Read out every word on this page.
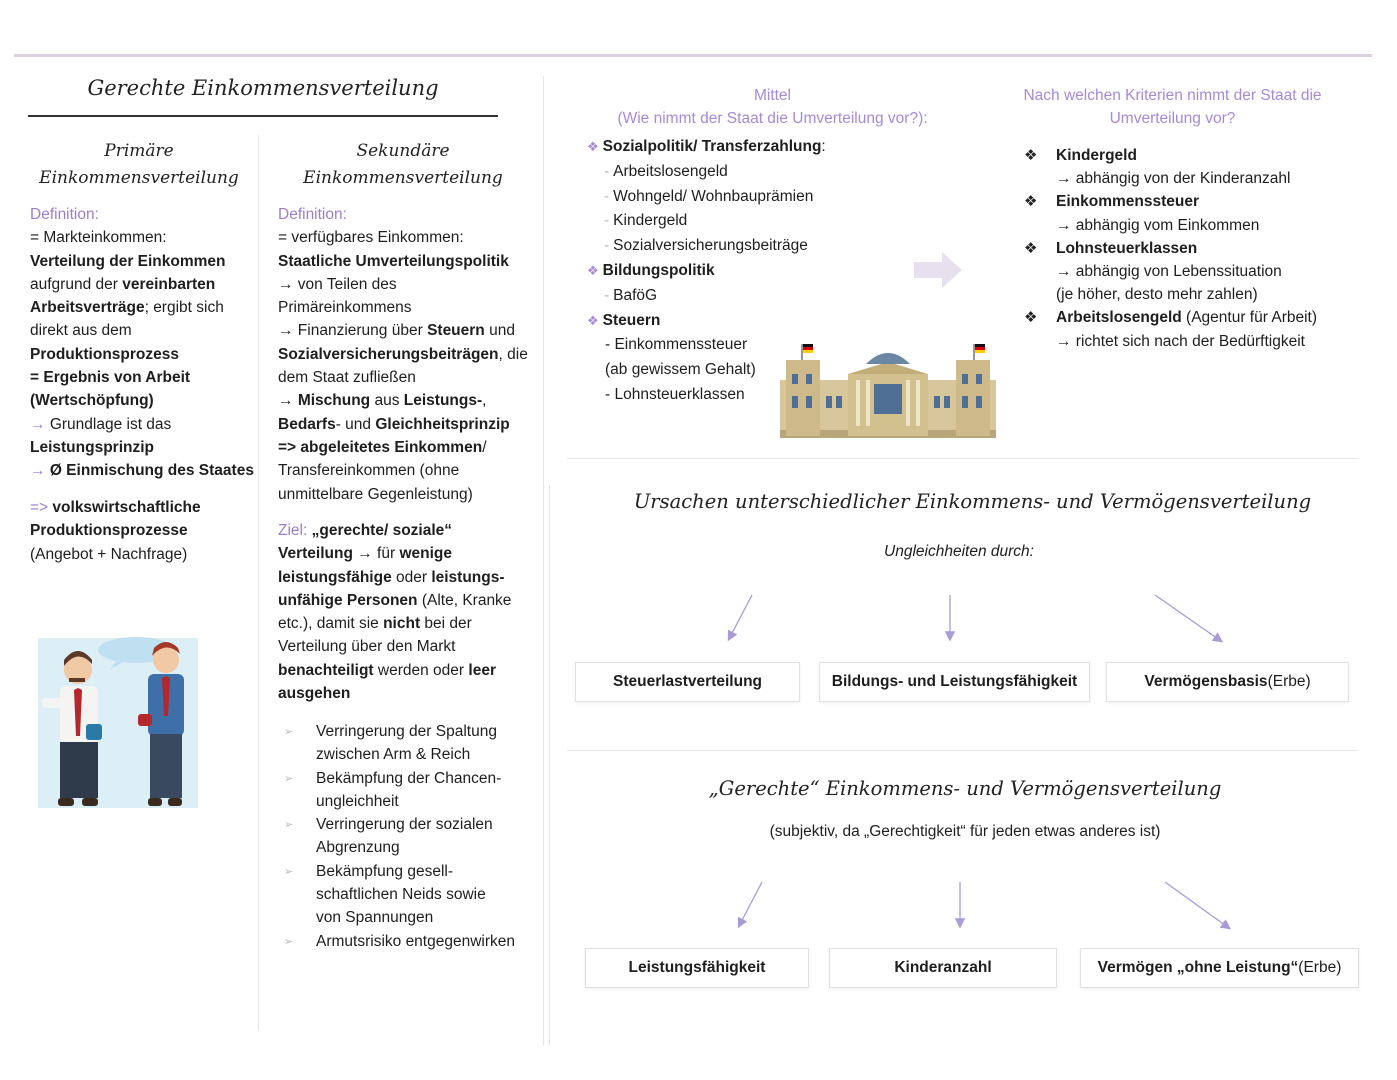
Gerechte Einkommensverteilung
Primäre
Einkommensverteilung
Definition:
= Markteinkommen:
Verteilung der Einkommen
aufgrund der vereinbarten
Arbeitsverträge; ergibt sich
direkt aus dem
Produktionsprozess
= Ergebnis von Arbeit
(Wertschöpfung)
→ Grundlage ist das
Leistungsprinzip
→ Ø Einmischung des Staates
=> volkswirtschaftliche
Produktionsprozesse
(Angebot + Nachfrage)
Sekundäre
Einkommensverteilung
Definition:
= verfügbares Einkommen:
Staatliche Umverteilungspolitik
→ von Teilen des
Primäreinkommens
→ Finanzierung über Steuern und
Sozialversicherungsbeiträgen, die
dem Staat zufließen
→ Mischung aus Leistungs-,
Bedarfs- und Gleichheitsprinzip
=> abgeleitetes Einkommen/
Transfereinkommen (ohne
unmittelbare Gegenleistung)
Ziel: „gerechte/ soziale“
Verteilung → für wenige
leistungsfähige oder leistungs-
unfähige Personen (Alte, Kranke
etc.), damit sie nicht bei der
Verteilung über den Markt
benachteiligt werden oder leer
ausgehen
➢	Verringerung der Spaltung
zwischen Arm & Reich
➢	Bekämpfung der Chancen-
ungleichheit
➢	Verringerung der sozialen
Abgrenzung
➢	Bekämpfung gesell-
schaftlichen Neids sowie
von Spannungen
➢	Armutsrisiko entgegenwirken
Mittel
(Wie nimmt der Staat die Umverteilung vor?):
❖ Sozialpolitik/ Transferzahlung:
- Arbeitslosengeld
- Wohngeld/ Wohnbauprämien
- Kindergeld
- Sozialversicherungsbeiträge
❖ Bildungspolitik
- BaföG
❖ Steuern
- Einkommenssteuer
(ab gewissem Gehalt)
- Lohnsteuerklassen
Nach welchen Kriterien nimmt der Staat die
Umverteilung vor?
❖	Kindergeld
→ abhängig von der Kinderanzahl
❖	Einkommenssteuer
→ abhängig vom Einkommen
❖	Lohnsteuerklassen
→ abhängig von Lebenssituation
(je höher, desto mehr zahlen)
❖	Arbeitslosengeld (Agentur für Arbeit)
→ richtet sich nach der Bedürftigkeit
Ursachen unterschiedlicher Einkommens- und Vermögensverteilung
Ungleichheiten durch:
Steuerlastverteilung	Bildungs- und Leistungsfähigkeit	Vermögensbasis (Erbe)
„Gerechte“ Einkommens- und Vermögensverteilung
(subjektiv, da „Gerechtigkeit“ für jeden etwas anderes ist)
Leistungsfähigkeit	Kinderanzahl	Vermögen „ohne Leistung“ (Erbe)
